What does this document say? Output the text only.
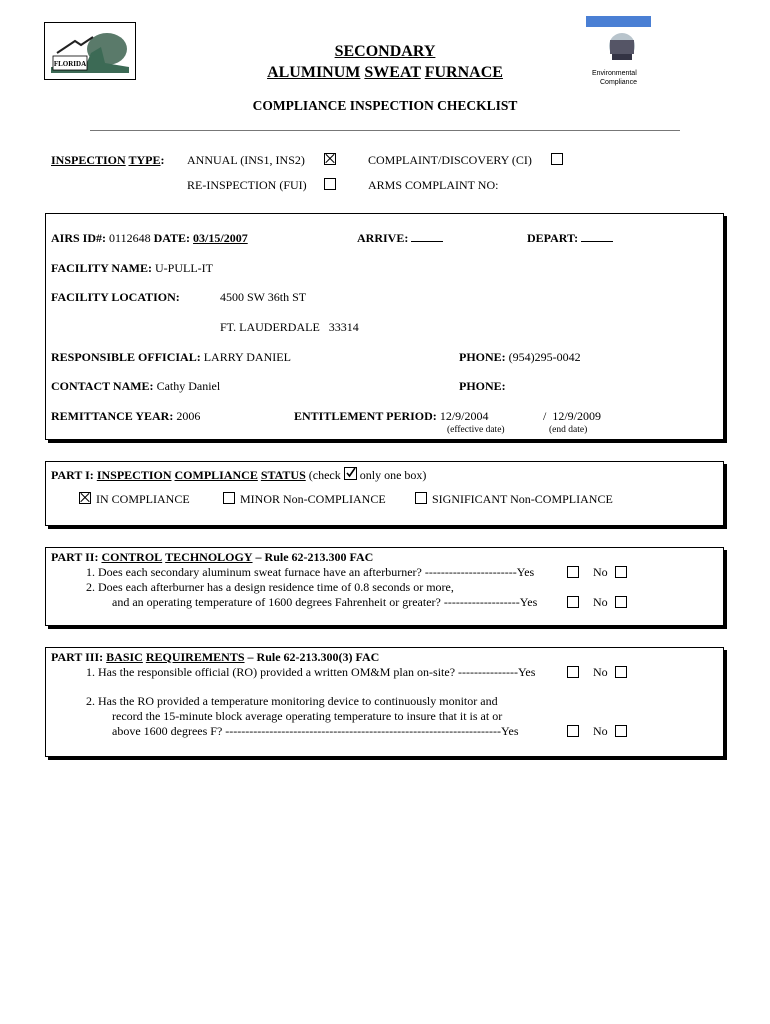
FLORIDA
SECONDARY
ALUMINUM SWEAT FURNACE
COMPLIANCE INSPECTION CHECKLIST
Environmental
Compliance
INSPECTION TYPE: ANNUAL (INS1, INS2)	COMPLAINT/DISCOVERY (CI)
RE-INSPECTION (FUI)	ARMS COMPLAINT NO:
AIRS ID#: 0112648 DATE: 03/15/2007	ARRIVE:	DEPART:
FACILITY NAME: U-PULL-IT
FACILITY LOCATION:	4500 SW 36th ST
FT. LAUDERDALE   33314
RESPONSIBLE OFFICIAL: LARRY DANIEL	PHONE: (954)295-0042
CONTACT NAME: Cathy Daniel	PHONE:
REMITTANCE YEAR: 2006	ENTITLEMENT PERIOD: 12/9/2004	/ 12/9/2009
(effective date)	(end date)
PART I: INSPECTION COMPLIANCE STATUS (check only one box)
IN COMPLIANCE	MINOR Non-COMPLIANCE	SIGNIFICANT Non-COMPLIANCE
PART II: CONTROL TECHNOLOGY – Rule 62-213.300 FAC
1. Does each secondary aluminum sweat furnace have an afterburner? -----------------------Yes	No
2. Does each afterburner has a design residence time of 0.8 seconds or more,
and an operating temperature of 1600 degrees Fahrenheit or greater? -------------------Yes	No
PART III: BASIC REQUIREMENTS – Rule 62-213.300(3) FAC
1. Has the responsible official (RO) provided a written OM&M plan on-site? ---------------Yes	No
2. Has the RO provided a temperature monitoring device to continuously monitor and
record the 15-minute block average operating temperature to insure that it is at or
above 1600 degrees F? ---------------------------------------------------------------------Yes	No
